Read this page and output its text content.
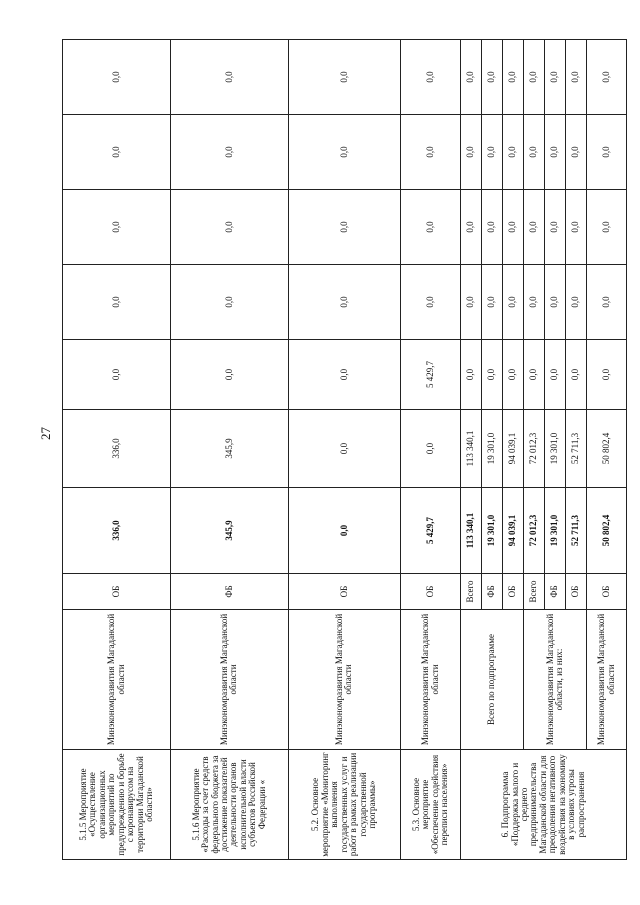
27
5.1.5 Мероприятие «Осуществление организационных мероприятий по предупреждению и борьбе с коронавирусом на территории Магаданской области»	Минэкономразвития Магаданской области	ОБ	336,0	336,0	0,0	0,0	0,0	0,0	0,0
5.1.6 Мероприятие «Расходы за счет средств федерального бюджета за достижение показателей деятельности органов исполнительной власти субъектов Российской Федерации «	Минэкономразвития Магаданской области	ФБ	345,9	345,9	0,0	0,0	0,0	0,0	0,0
5.2. Основное мероприятие «Мониторинг выполнения государственных услуг и работ в рамках реализации государственной программы»	Минэкономразвития Магаданской области	ОБ	0,0	0,0	0,0	0,0	0,0	0,0	0,0
5.3. Основное мероприятие «Обеспечение содействия переписи населения»	Минэкономразвития Магаданской области	ОБ	5 429,7	0,0	5 429,7	0,0	0,0	0,0	0,0
6. Подпрограмма «Поддержка малого и среднего предпринимательства Магаданской области для преодоления негативного воздействия на экономику в условиях угрозы распространения	Всего по подпрограмме	Всего	113 340,1	113 340,1	0,0	0,0	0,0	0,0	0,0
		ФБ	19 301,0	19 301,0	0,0	0,0	0,0	0,0	0,0
		ОБ	94 039,1	94 039,1	0,0	0,0	0,0	0,0	0,0
	Минэкономразвития Магаданской области, из них:	Всего	72 012,3	72 012,3	0,0	0,0	0,0	0,0	0,0
		ФБ	19 301,0	19 301,0	0,0	0,0	0,0	0,0	0,0
		ОБ	52 711,3	52 711,3	0,0	0,0	0,0	0,0	0,0
	Минэкономразвития Магаданской области	ОБ	50 802,4	50 802,4	0,0	0,0	0,0	0,0	0,0
